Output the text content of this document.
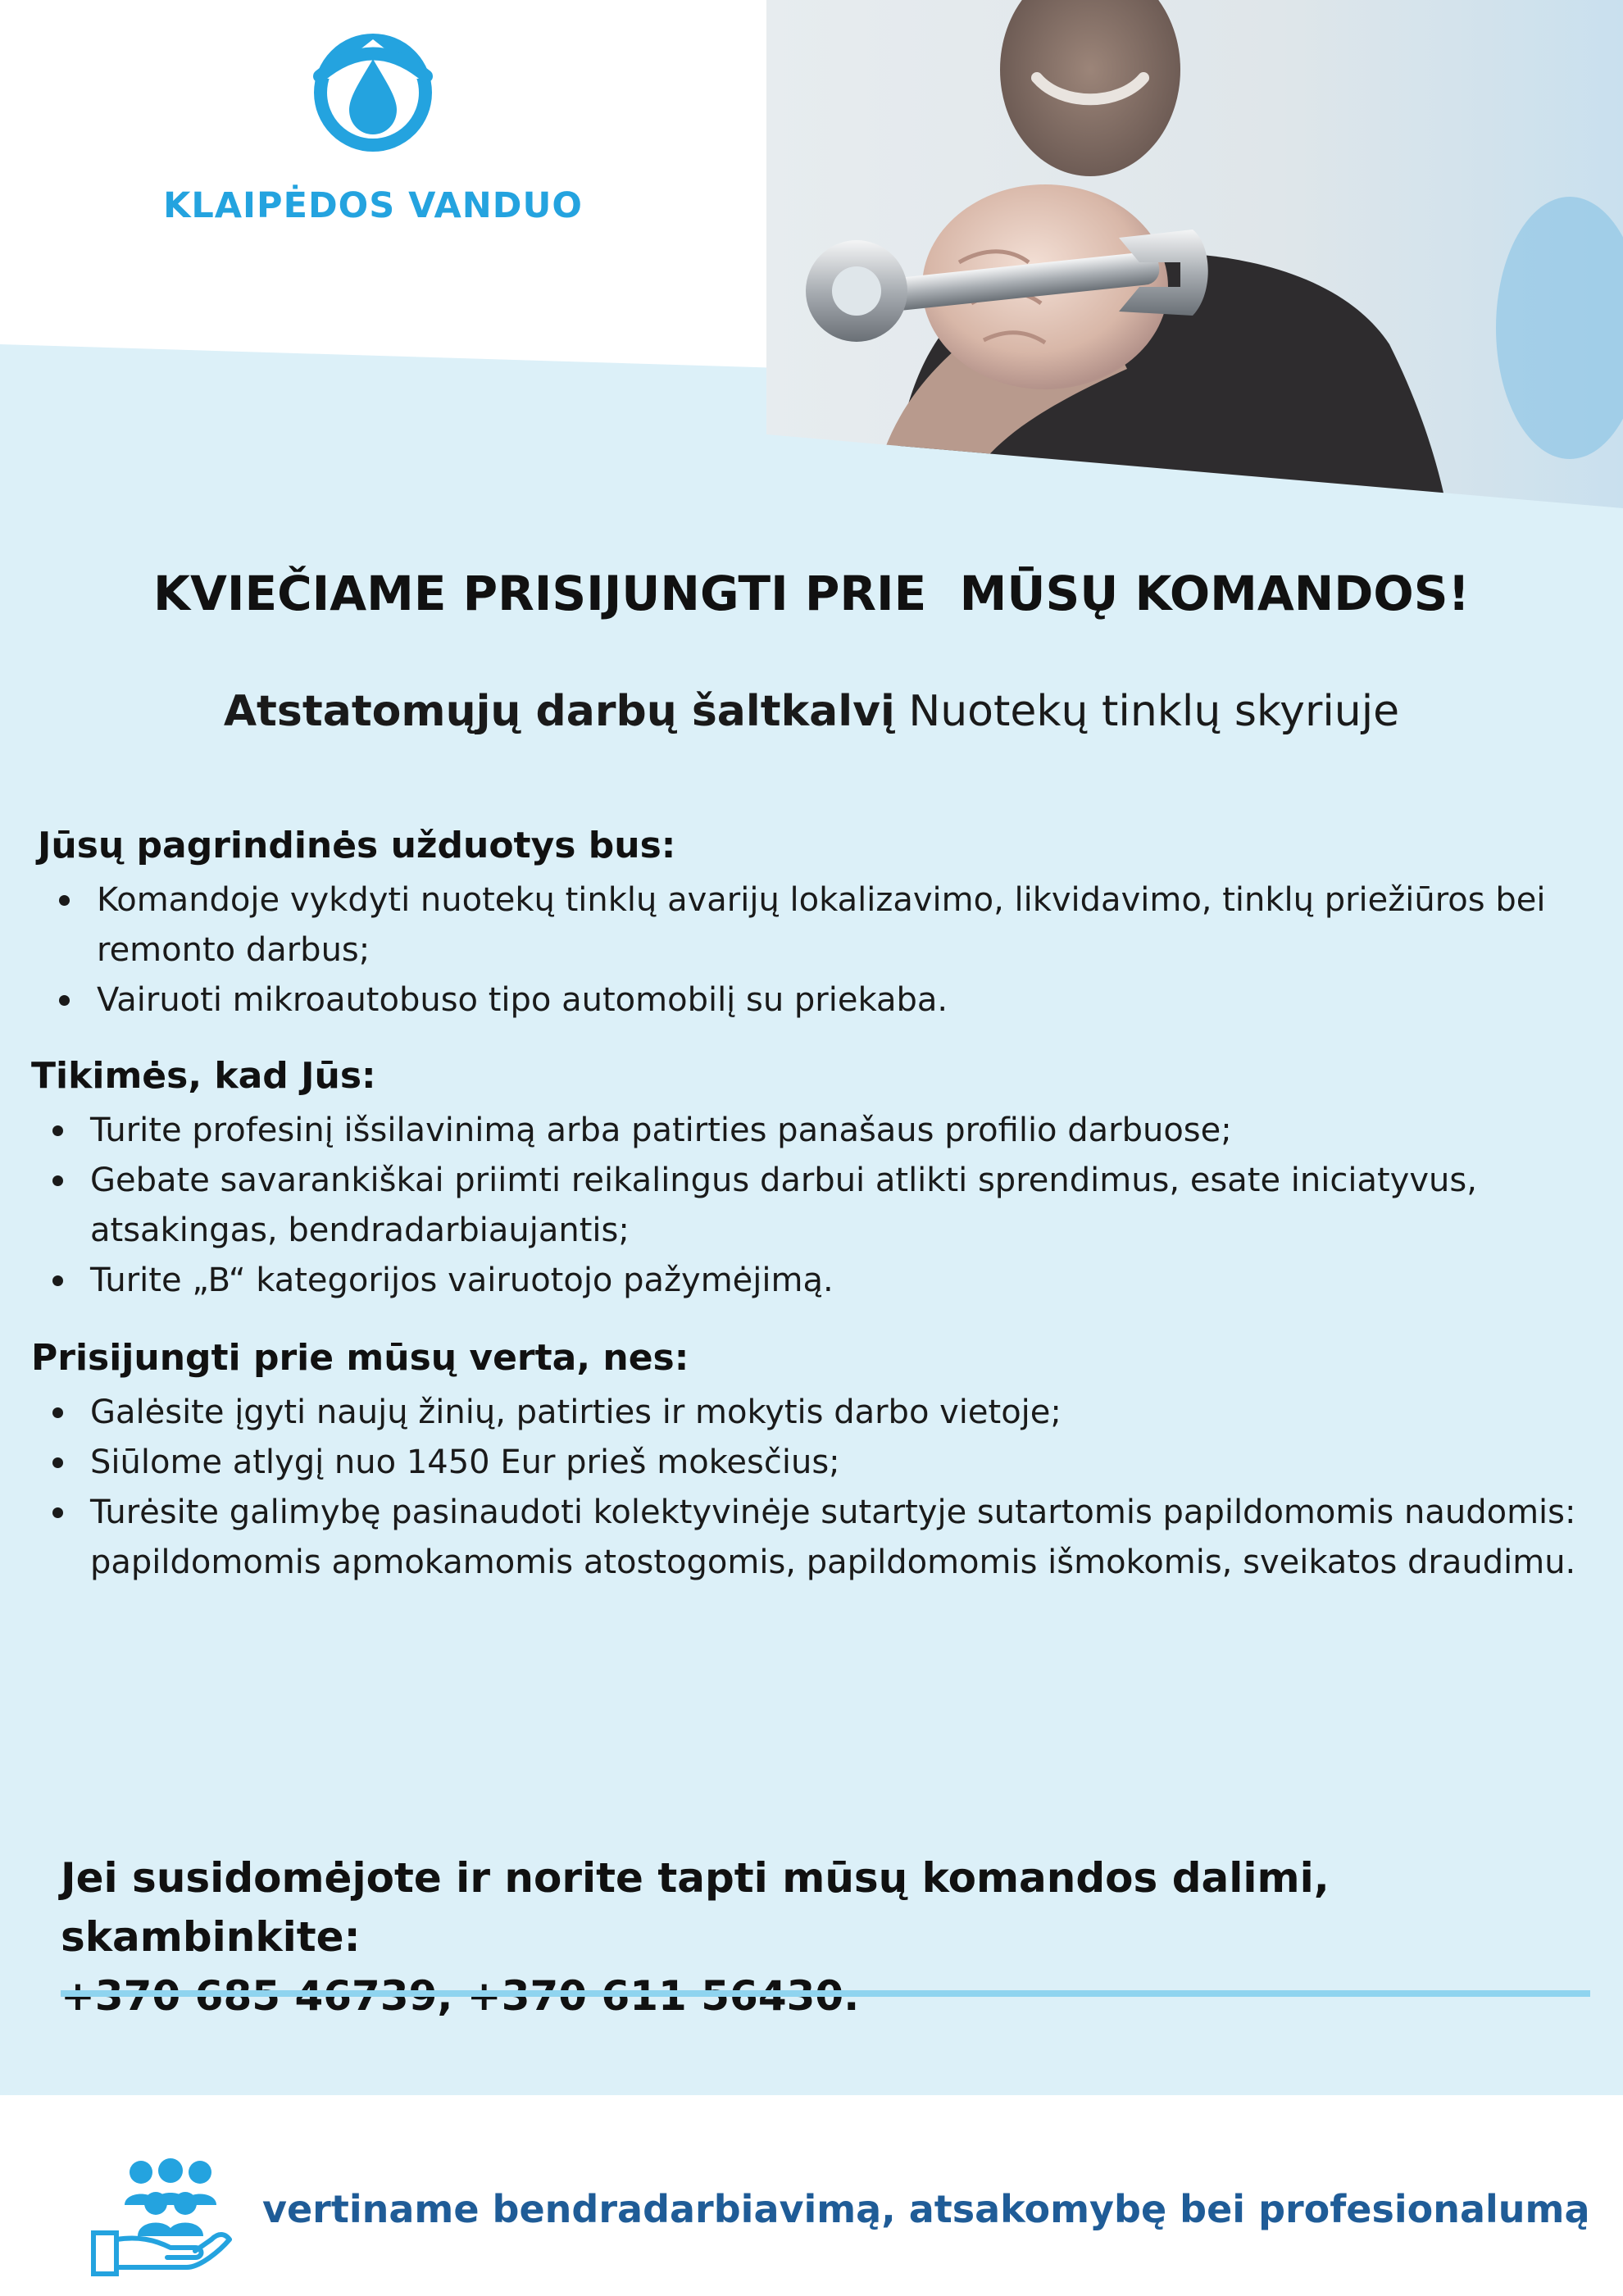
KLAIPĖDOS VANDUO
KVIEČIAME PRISIJUNGTI PRIE  MŪSŲ KOMANDOS!
Atstatomųjų darbų šaltkalvį Nuotekų tinklų skyriuje
Jūsų pagrindinės užduotys bus:
Komandoje vykdyti nuotekų tinklų avarijų lokalizavimo, likvidavimo, tinklų priežiūros bei remonto darbus;
Vairuoti mikroautobuso tipo automobilį su priekaba.
Tikimės, kad Jūs:
Turite profesinį išsilavinimą arba patirties panašaus profilio darbuose;
Gebate savarankiškai priimti reikalingus darbui atlikti sprendimus, esate iniciatyvus, atsakingas, bendradarbiaujantis;
Turite „B“ kategorijos vairuotojo pažymėjimą.
Prisijungti prie mūsų verta, nes:
Galėsite įgyti naujų žinių, patirties ir mokytis darbo vietoje;
Siūlome atlygį nuo 1450 Eur prieš mokesčius;
Turėsite galimybę pasinaudoti kolektyvinėje sutartyje sutartomis papildomomis naudomis: papildomomis apmokamomis atostogomis, papildomomis išmokomis, sveikatos draudimu.
Jei susidomėjote ir norite tapti mūsų komandos dalimi, skambinkite:
vertiname bendradarbiavimą, atsakomybę bei profesionalumą
